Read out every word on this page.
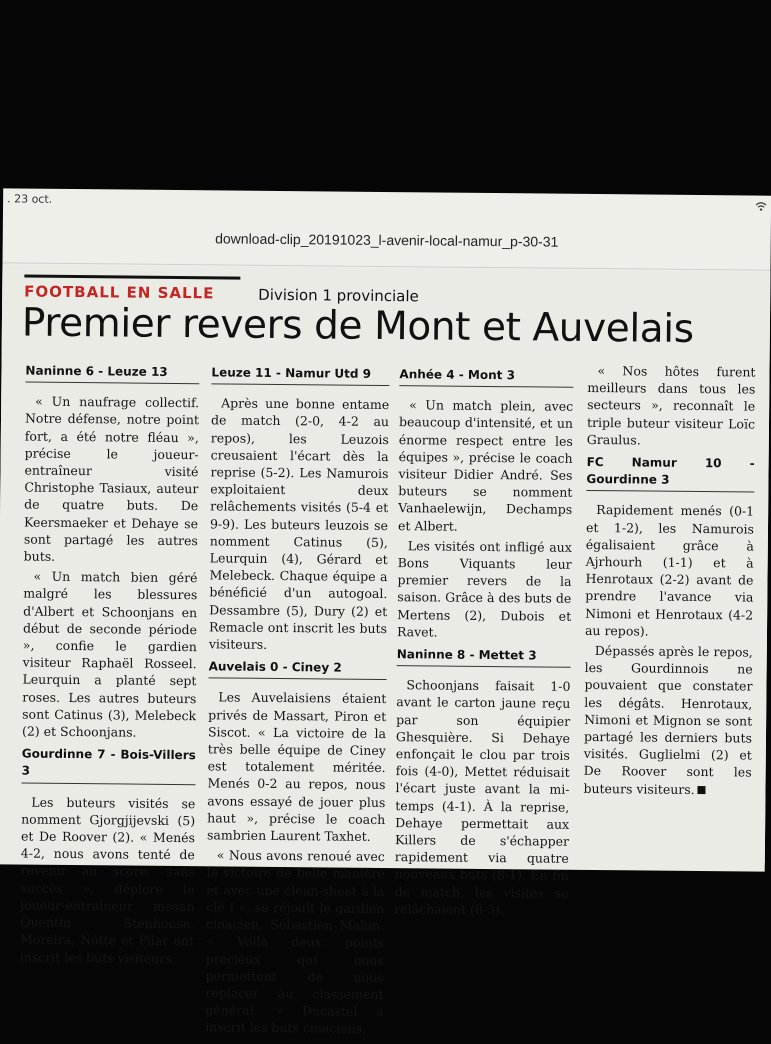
. 23 oct.
download-clip_20191023_l-avenir-local-namur_p-30-31
FOOTBALL EN SALLE	Division 1 provinciale
Premier revers de Mont et Auvelais
Naninne 6 - Leuze 13

« Un naufrage collectif. Notre défense, notre point fort, a été notre fléau », précise le joueur-entraîneur visité Christophe Tasiaux, auteur de quatre buts. De Keersmaeker et Dehaye se sont partagé les autres buts.

« Un match bien géré malgré les blessures d'Albert et Schoonjans en début de seconde période », confie le gardien visiteur Raphaël Rosseel. Leurquin a planté sept roses. Les autres buteurs sont Catinus (3), Melebeck (2) et Schoonjans.

Gourdinne 7 - Bois-Villers 3

Les buteurs visités se nomment Gjorgjijevski (5) et De Roover (2). « Menés 4-2, nous avons tenté de revenir au score, sans succès », déplore le joueur-entraîneur mosan Quentin Stenhouse. Moreira, Notte et Pilar ont inscrit les buts visiteurs.

Leuze 11 - Namur Utd 9

Après une bonne entame de match (2-0, 4-2 au repos), les Leuzois creusaient l'écart dès la reprise (5-2). Les Namurois exploitaient deux relâchements visités (5-4 et 9-9). Les buteurs leuzois se nomment Catinus (5), Leurquin (4), Gérard et Melebeck. Chaque équipe a bénéficié d'un autogoal. Dessambre (5), Dury (2) et Remacle ont inscrit les buts visiteurs.

Auvelais 0 - Ciney 2

Les Auvelaisiens étaient privés de Massart, Piron et Siscot. « La victoire de la très belle équipe de Ciney est totalement méritée. Menés 0-2 au repos, nous avons essayé de jouer plus haut », précise le coach sambrien Laurent Taxhet.

« Nous avons renoué avec la victoire de belle manière et avec une clean-sheet à la clé ! », se réjouit le gardien cinacien, Sébastien Mahin. « Voilà deux points précieux qui nous permettent de nous replacer au classement général. » Ducastel a inscrit les buts cinaciens.

Anhée 4 - Mont 3

« Un match plein, avec beaucoup d'intensité, et un énorme respect entre les équipes », précise le coach visiteur Didier André. Ses buteurs se nomment Vanhaelewijn, Dechamps et Albert.

Les visités ont infligé aux Bons Viquants leur premier revers de la saison. Grâce à des buts de Mertens (2), Dubois et Ravet.

Naninne 8 - Mettet 3

Schoonjans faisait 1-0 avant le carton jaune reçu par son équipier Ghesquière. Si Dehaye enfonçait le clou par trois fois (4-0), Mettet réduisait l'écart juste avant la mi-temps (4-1). À la reprise, Dehaye permettait aux Killers de s'échapper rapidement via quatre nouveaux buts (8-1). En fin de match, les visités se relâchaient (8-3).

« Nos hôtes furent meilleurs dans tous les secteurs », reconnaît le triple buteur visiteur Loïc Graulus.

FC Namur 10 - Gourdinne 3

Rapidement menés (0-1 et 1-2), les Namurois égalisaient grâce à Ajrhourh (1-1) et à Henrotaux (2-2) avant de prendre l'avance via Nimoni et Henrotaux (4-2 au repos).

Dépassés après le repos, les Gourdinnois ne pouvaient que constater les dégâts. Henrotaux, Nimoni et Mignon se sont partagé les derniers buts visités. Guglielmi (2) et De Roover sont les buteurs visiteurs.
